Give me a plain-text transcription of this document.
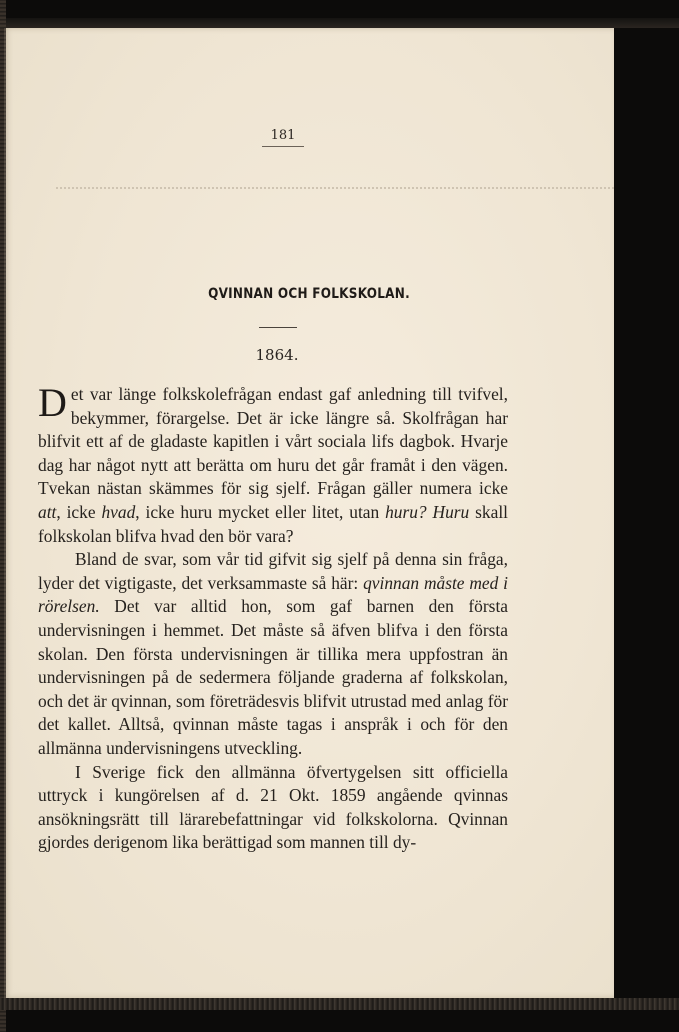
181
QVINNAN OCH FOLKSKOLAN.
1864.

Det var länge folkskolefrågan endast gaf anledning till tvifvel, bekymmer, förargelse. Det är icke längre så. Skolfrågan har blifvit ett af de gladaste kapitlen i vårt sociala lifs dagbok. Hvarje dag har något nytt att berätta om huru det går framåt i den vägen. Tvekan nästan skämmes för sig sjelf. Frågan gäller numera icke att, icke hvad, icke huru mycket eller litet, utan huru? Huru skall folkskolan blifva hvad den bör vara?

Bland de svar, som vår tid gifvit sig sjelf på denna sin fråga, lyder det vigtigaste, det verksammaste så här: qvinnan måste med i rörelsen. Det var alltid hon, som gaf barnen den första undervisningen i hemmet. Det måste så äfven blifva i den första skolan. Den första undervisningen är tillika mera uppfostran än undervisningen på de sedermera följande graderna af folkskolan, och det är qvinnan, som företrädesvis blifvit utrustad med anlag för det kallet. Alltså, qvinnan måste tagas i anspråk i och för den allmänna undervisningens utveckling.

I Sverige fick den allmänna öfvertygelsen sitt officiella uttryck i kungörelsen af d. 21 Okt. 1859 angående qvinnas ansökningsrätt till lärarebefattningar vid folkskolorna. Qvinnan gjordes derigenom lika berättigad som mannen till dy-
